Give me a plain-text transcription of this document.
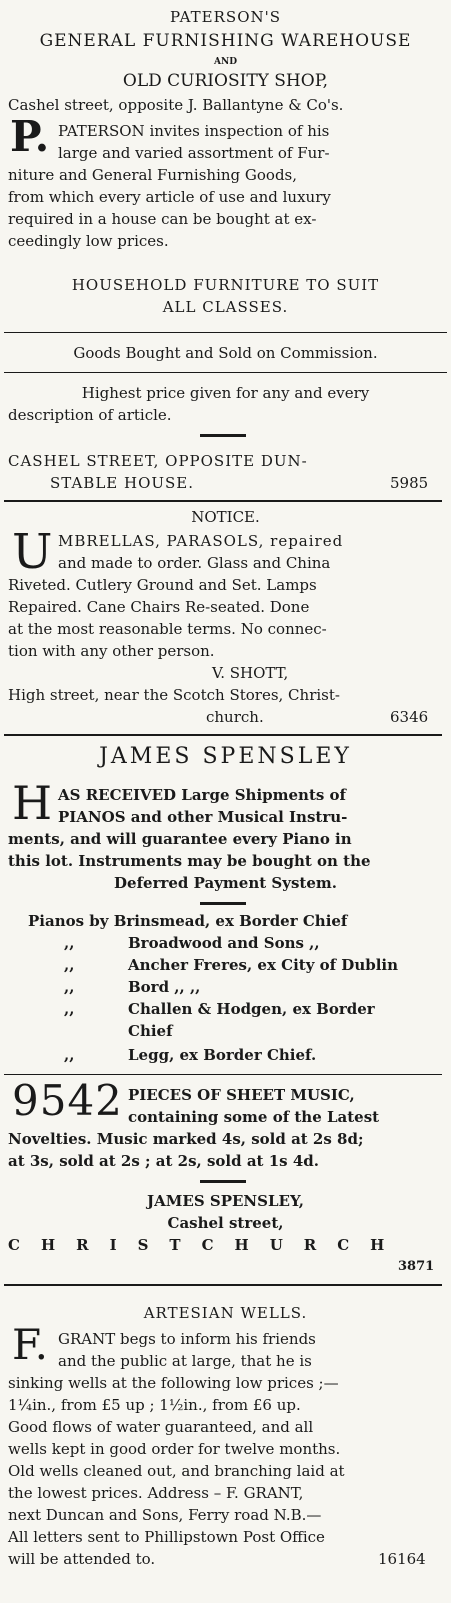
PATERSON'S
GENERAL FURNISHING WAREHOUSE
AND
OLD CURIOSITY SHOP,
Cashel street, opposite J. Ballantyne & Co's.
P. PATERSON invites inspection of his
large and varied assortment of Fur-
niture and General Furnishing Goods,
from which every article of use and luxury
required in a house can be bought at ex-
ceedingly low prices.
HOUSEHOLD FURNITURE TO SUIT
ALL CLASSES.
Goods Bought and Sold on Commission.
Highest price given for any and every
description of article.
CASHEL STREET, OPPOSITE DUN-
STABLE HOUSE.	5985
NOTICE.
U MBRELLAS, PARASOLS, repaired
and made to order. Glass and China
Riveted. Cutlery Ground and Set. Lamps
Repaired. Cane Chairs Re-seated. Done
at the most reasonable terms. No connec-
tion with any other person.
V. SHOTT,
High street, near the Scotch Stores, Christ-
church.	6346
JAMES SPENSLEY
H AS RECEIVED Large Shipments of
PIANOS and other Musical Instru-
ments, and will guarantee every Piano in
this lot. Instruments may be bought on the
Deferred Payment System.
Pianos by Brinsmead, ex Border Chief
,,	Broadwood and Sons ,,
,,	Ancher Freres, ex City of Dublin
,,	Bord ,, ,,
,,	Challen & Hodgen, ex Border
Chief
,,	Legg, ex Border Chief.
9542 PIECES OF SHEET MUSIC,
containing some of the Latest
Novelties. Music marked 4s, sold at 2s 8d;
at 3s, sold at 2s ; at 2s, sold at 1s 4d.
JAMES SPENSLEY,
Cashel street,
CHRISTCHURCH
3871
ARTESIAN WELLS.
F. GRANT begs to inform his friends
and the public at large, that he is
sinking wells at the following low prices ;—
1¼in., from £5 up ; 1½in., from £6 up.
Good flows of water guaranteed, and all
wells kept in good order for twelve months.
Old wells cleaned out, and branching laid at
the lowest prices. Address – F. GRANT,
next Duncan and Sons, Ferry road N.B.—
All letters sent to Phillipstown Post Office
will be attended to.	16164
